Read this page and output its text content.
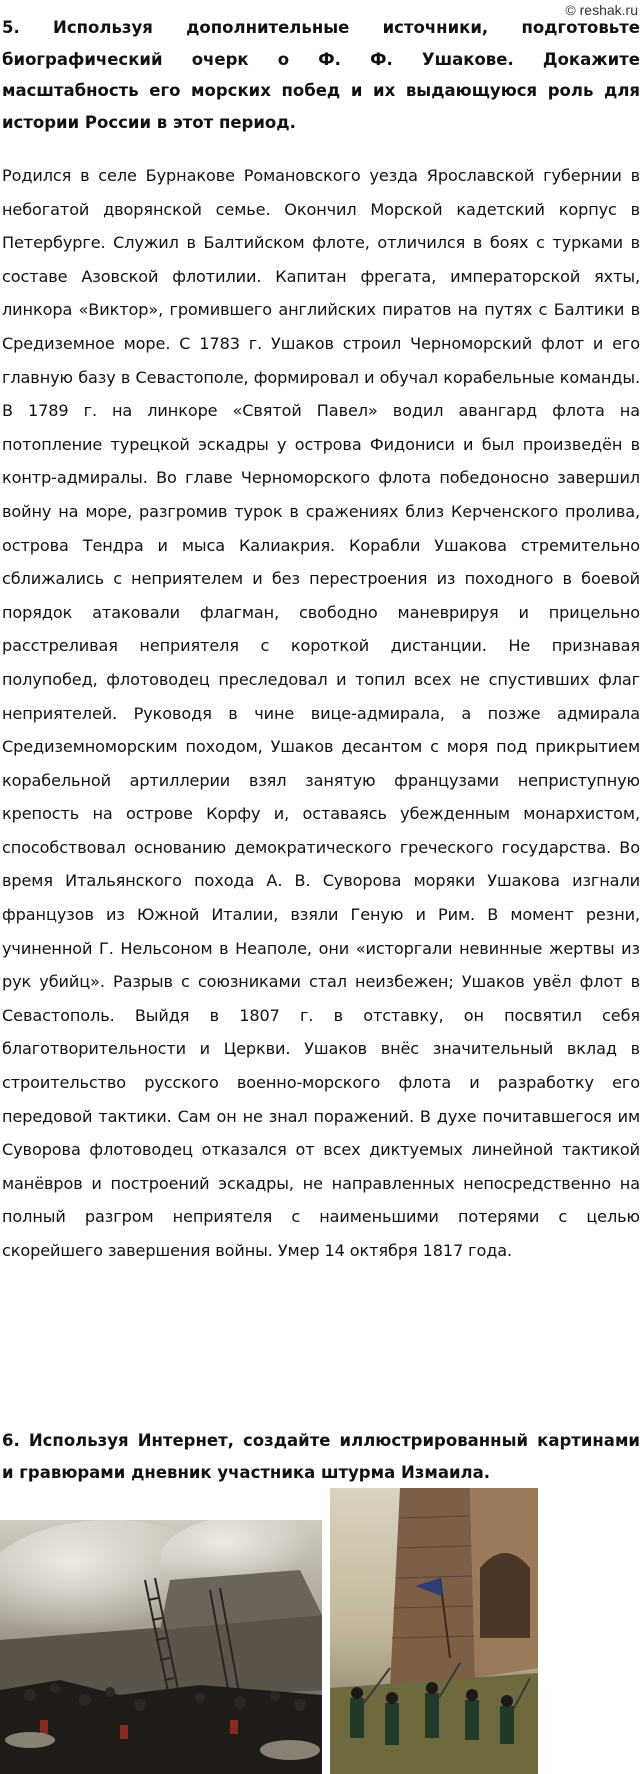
© reshak.ru

5. Используя дополнительные источники, подготовьте биографический очерк о Ф. Ф. Ушакове. Докажите масштабность его морских побед и их выдающуюся роль для истории России в этот период.

Родился в селе Бурнакове Романовского уезда Ярославской губернии в небогатой дворянской семье. Окончил Морской кадетский корпус в Петербурге. Служил в Балтийском флоте, отличился в боях с турками в составе Азовской флотилии. Капитан фрегата, императорской яхты, линкора «Виктор», громившего английских пиратов на путях с Балтики в Средиземное море. С 1783 г. Ушаков строил Черноморский флот и его главную базу в Севастополе, формировал и обучал корабельные команды. В 1789 г. на линкоре «Святой Павел» водил авангард флота на потопление турецкой эскадры у острова Фидониси и был произведён в контр-адмиралы. Во главе Черноморского флота победоносно завершил войну на море, разгромив турок в сражениях близ Керченского пролива, острова Тендра и мыса Калиакрия. Корабли Ушакова стремительно сближались с неприятелем и без перестроения из походного в боевой порядок атаковали флагман, свободно маневрируя и прицельно расстреливая неприятеля с короткой дистанции. Не признавая полупобед, флотоводец преследовал и топил всех не спустивших флаг неприятелей. Руководя в чине вице-адмирала, а позже адмирала Средиземноморским походом, Ушаков десантом с моря под прикрытием корабельной артиллерии взял занятую французами неприступную крепость на острове Корфу и, оставаясь убежденным монархистом, способствовал основанию демократического греческого государства. Во время Итальянского похода А. В. Суворова моряки Ушакова изгнали французов из Южной Италии, взяли Геную и Рим. В момент резни, учиненной Г. Нельсоном в Неаполе, они «исторгали невинные жертвы из рук убийц». Разрыв с союзниками стал неизбежен; Ушаков увёл флот в Севастополь. Выйдя в 1807 г. в отставку, он посвятил себя благотворительности и Церкви. Ушаков внёс значительный вклад в строительство русского военно-морского флота и разработку его передовой тактики. Сам он не знал поражений. В духе почитавшегося им Суворова флотоводец отказался от всех диктуемых линейной тактикой манёвров и построений эскадры, не направленных непосредственно на полный разгром неприятеля с наименьшими потерями с целью скорейшего завершения войны. Умер 14 октября 1817 года.

6. Используя Интернет, создайте иллюстрированный картинами и гравюрами дневник участника штурма Измаила.
